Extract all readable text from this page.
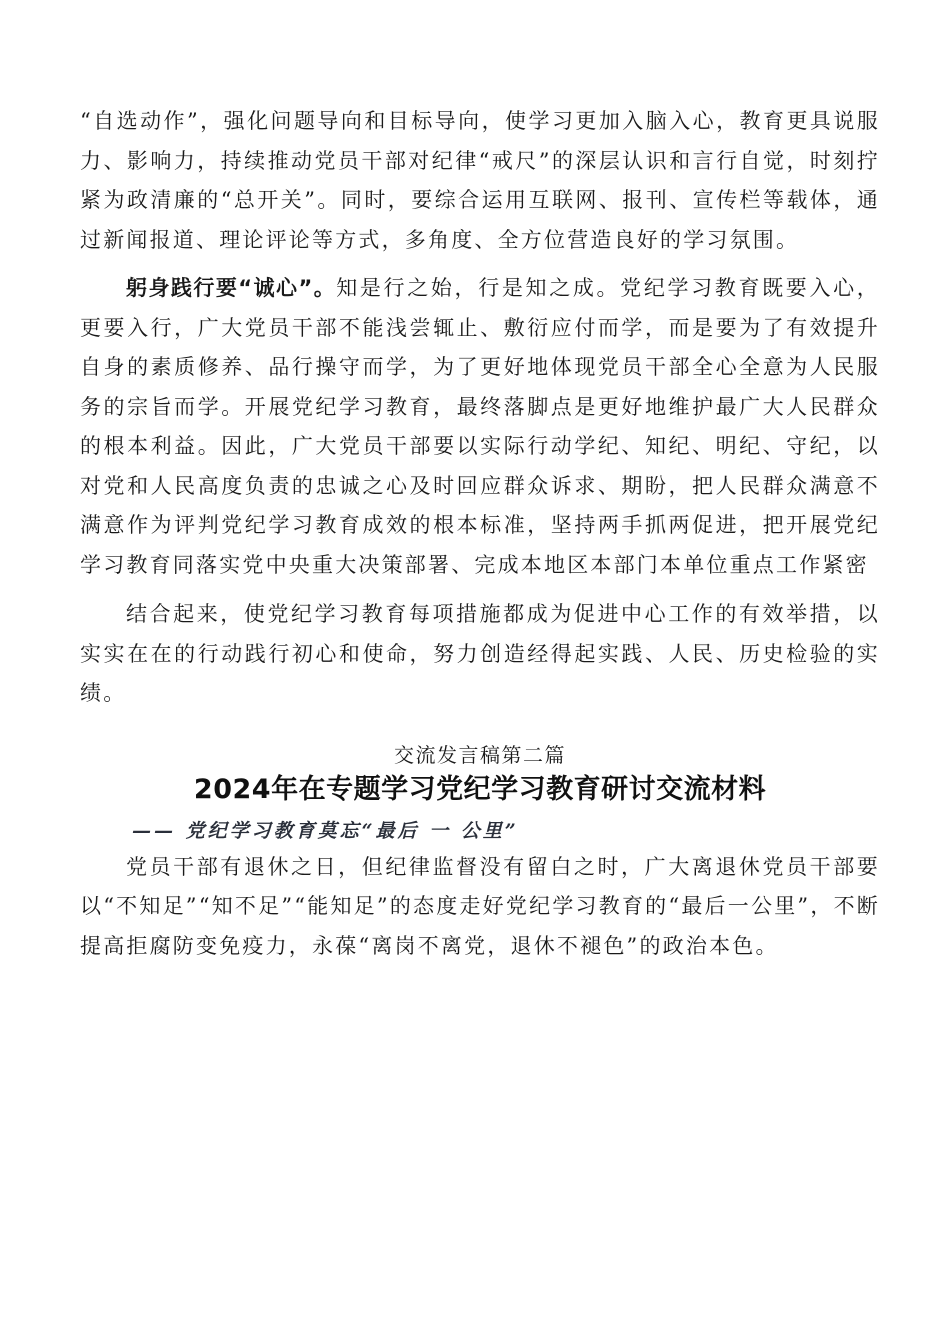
“自选动作”，强化问题导向和目标导向，使学习更加入脑入心，教育更具说服力、影响力，持续推动党员干部对纪律“戒尺”的深层认识和言行自觉，时刻拧紧为政清廉的“总开关”。同时，要综合运用互联网、报刊、宣传栏等载体，通过新闻报道、理论评论等方式，多角度、全方位营造良好的学习氛围。

躬身践行要“诚心”。知是行之始，行是知之成。党纪学习教育既要入心，更要入行，广大党员干部不能浅尝辄止、敷衍应付而学，而是要为了有效提升自身的素质修养、品行操守而学，为了更好地体现党员干部全心全意为人民服务的宗旨而学。开展党纪学习教育，最终落脚点是更好地维护最广大人民群众的根本利益。因此，广大党员干部要以实际行动学纪、知纪、明纪、守纪，以对党和人民高度负责的忠诚之心及时回应群众诉求、期盼，把人民群众满意不满意作为评判党纪学习教育成效的根本标准，坚持两手抓两促进，把开展党纪学习教育同落实党中央重大决策部署、完成本地区本部门本单位重点工作紧密

结合起来，使党纪学习教育每项措施都成为促进中心工作的有效举措，以实实在在的行动践行初心和使命，努力创造经得起实践、人民、历史检验的实绩。

交流发言稿第二篇
2024年在专题学习党纪学习教育研讨交流材料
—— 党纪学习教育莫忘“最后 一 公里”

党员干部有退休之日，但纪律监督没有留白之时，广大离退休党员干部要以“不知足”“知不足”“能知足”的态度走好党纪学习教育的“最后一公里”，不断提高拒腐防变免疫力，永葆“离岗不离党，退休不褪色”的政治本色。
